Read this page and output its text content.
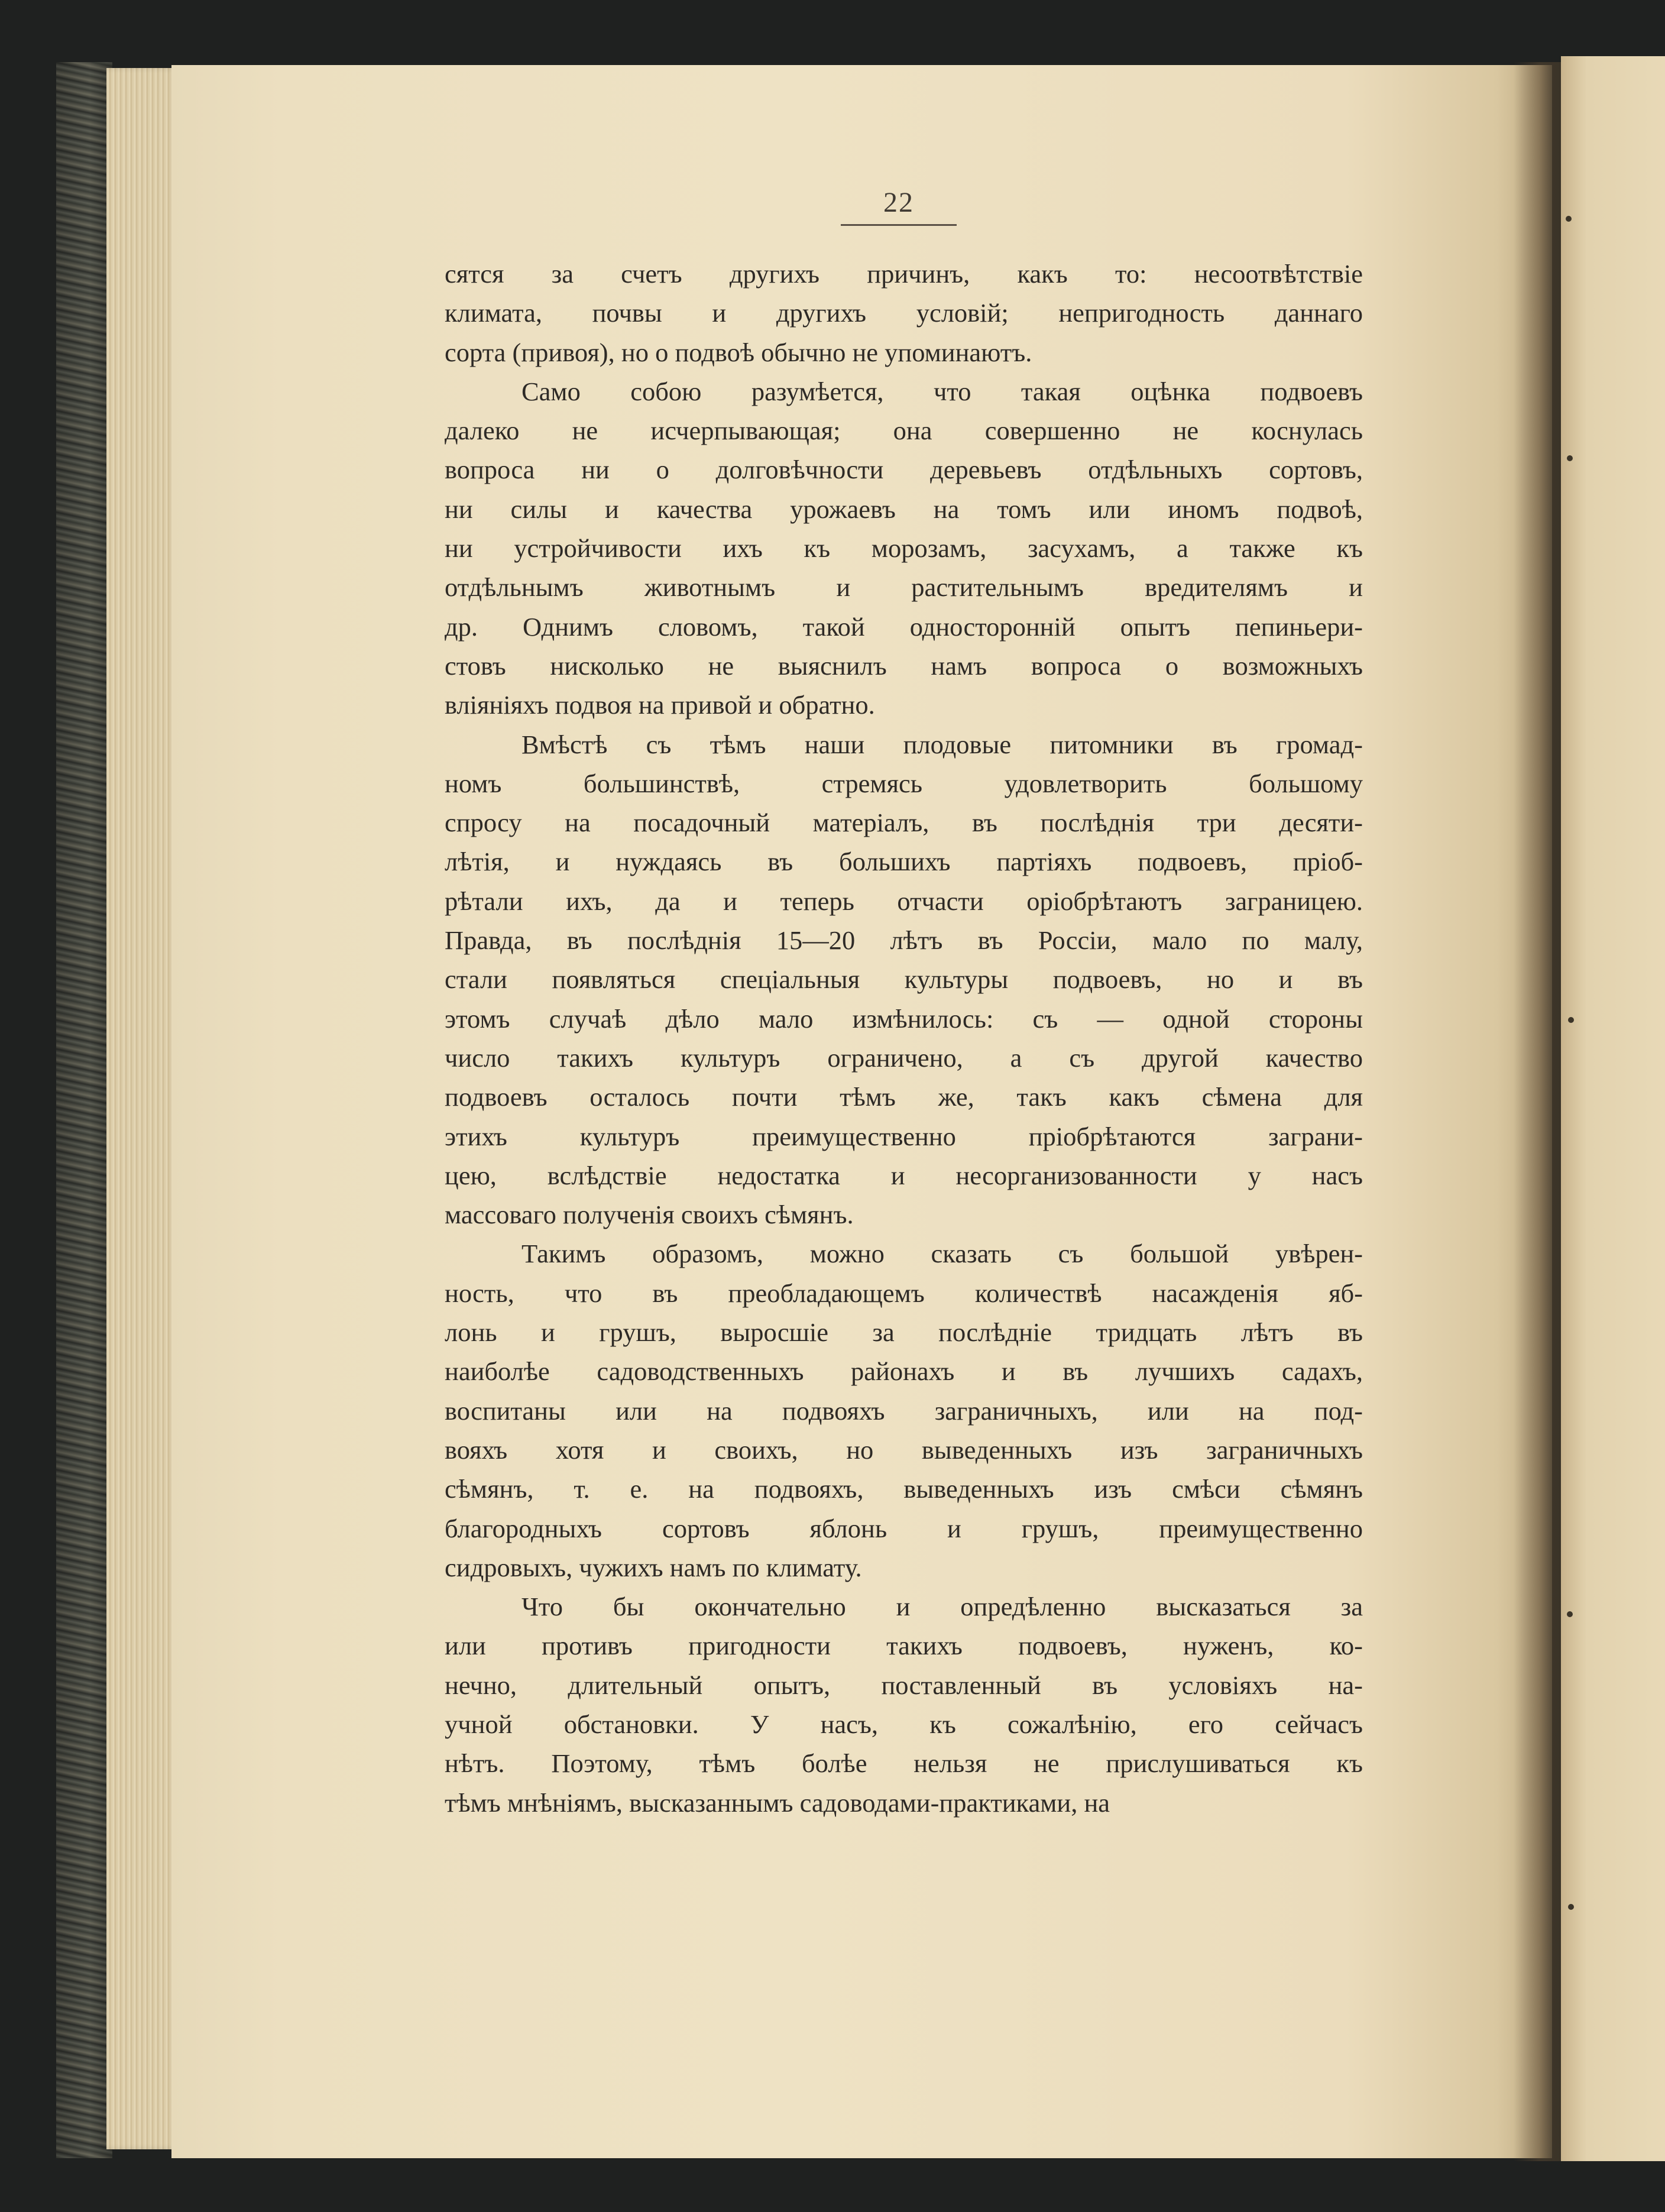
22
сятся за счетъ другихъ причинъ, какъ то: несоотвѣтствіе
климата, почвы и другихъ условій; непригодность даннаго
сорта (привоя), но о подвоѣ обычно не упоминаютъ.
Само собою разумѣется, что такая оцѣнка подвоевъ
далеко не исчерпывающая; она совершенно не коснулась
вопроса ни о долговѣчности деревьевъ отдѣльныхъ сортовъ,
ни силы и качества урожаевъ на томъ или иномъ подвоѣ,
ни устройчивости ихъ къ морозамъ, засухамъ, а также къ
отдѣльнымъ животнымъ и растительнымъ вредителямъ и
др. Однимъ словомъ, такой односторонній опытъ пепиньери-
стовъ нисколько не выяснилъ намъ вопроса о возможныхъ
вліяніяхъ подвоя на привой и обратно.
Вмѣстѣ съ тѣмъ наши плодовые питомники въ громад-
номъ большинствѣ, стремясь удовлетворить большому
спросу на посадочный матеріалъ, въ послѣднія три десяти-
лѣтія, и нуждаясь въ большихъ партіяхъ подвоевъ, пріоб-
рѣтали ихъ, да и теперь отчасти оріобрѣтаютъ заграницею.
Правда, въ послѣднія 15—20 лѣтъ въ Россіи, мало по малу,
стали появляться спеціальныя культуры подвоевъ, но и въ
этомъ случаѣ дѣло мало измѣнилось: съ — одной стороны
число такихъ культуръ ограничено, а съ другой качество
подвоевъ осталось почти тѣмъ же, такъ какъ сѣмена для
этихъ культуръ преимущественно пріобрѣтаются заграни-
цею, вслѣдствіе недостатка и несорганизованности у насъ
массоваго полученія своихъ сѣмянъ.
Такимъ образомъ, можно сказать съ большой увѣрен-
ность, что въ преобладающемъ количествѣ насажденія яб-
лонь и грушъ, выросшіе за послѣдніе тридцать лѣтъ въ
наиболѣе садоводственныхъ районахъ и въ лучшихъ садахъ,
воспитаны или на подвояхъ заграничныхъ, или на под-
вояхъ хотя и своихъ, но выведенныхъ изъ заграничныхъ
сѣмянъ, т. е. на подвояхъ, выведенныхъ изъ смѣси сѣмянъ
благородныхъ сортовъ яблонь и грушъ, преимущественно
сидровыхъ, чужихъ намъ по климату.
Что бы окончательно и опредѣленно высказаться за
или противъ пригодности такихъ подвоевъ, нуженъ, ко-
нечно, длительный опытъ, поставленный въ условіяхъ на-
учной обстановки. У насъ, къ сожалѣнію, его сейчасъ
нѣтъ. Поэтому, тѣмъ болѣе нельзя не прислушиваться къ
тѣмъ мнѣніямъ, высказаннымъ садоводами-практиками, на
